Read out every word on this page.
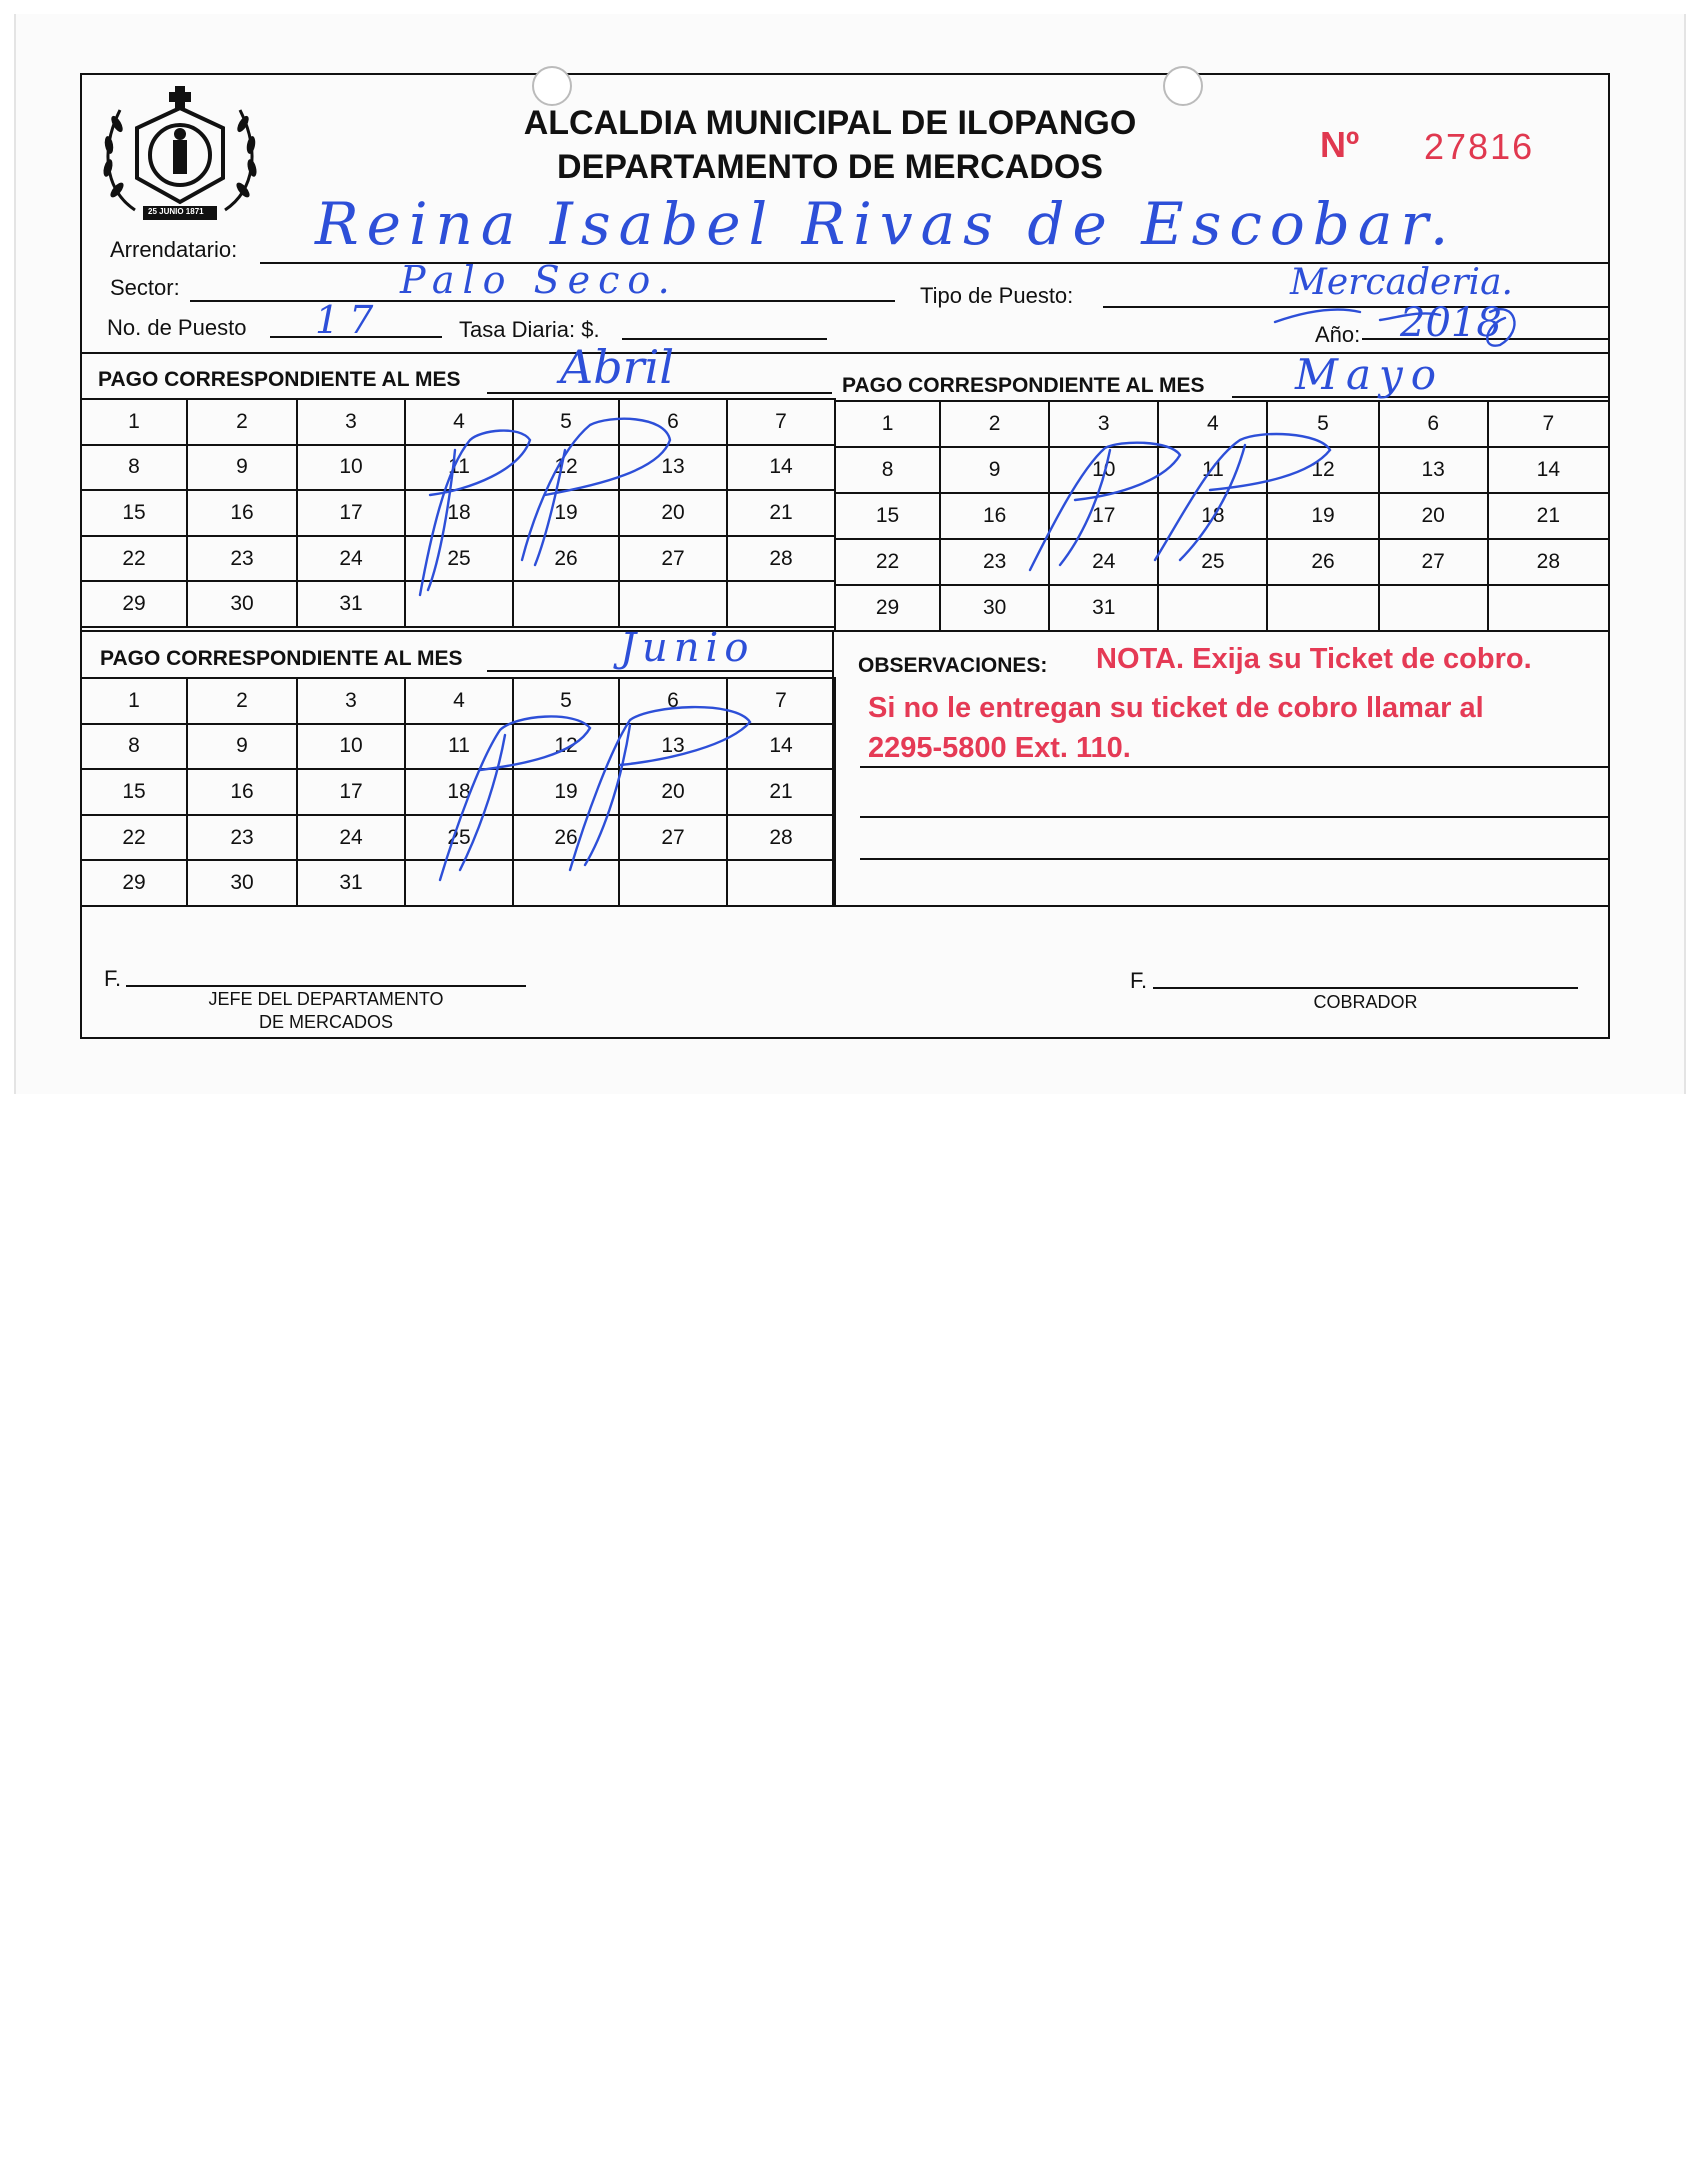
25 JUNIO 1871
ALCALDIA MUNICIPAL DE ILOPANGO
DEPARTAMENTO DE MERCADOS
Nº 27816
Arrendatario: Reina Isabel Rivas de Escobar.
Sector:	Palo Seco.	Tipo de Puesto:	Mercaderia.
No. de Puesto 17	Tasa Diaria: $.	Año: 2018
PAGO CORRESPONDIENTE AL MES Abril	PAGO CORRESPONDIENTE AL MES Mayo
1	2	3	4	5	6	7
8	9	10	11	12	13	14
15	16	17	18	19	20	21
22	23	24	25	26	27	28
29	30	31				
1	2	3	4	5	6	7
8	9	10	11	12	13	14
15	16	17	18	19	20	21
22	23	24	25	26	27	28
29	30	31				
PAGO CORRESPONDIENTE AL MES	Junio
1	2	3	4	5	6	7
8	9	10	11	12	13	14
15	16	17	18	19	20	21
22	23	24	25	26	27	28
29	30	31				
OBSERVACIONES: NOTA. Exija su Ticket de cobro.
Si no le entregan su ticket de cobro llamar al
2295-5800 Ext. 110.
F.
JEFE DEL DEPARTAMENTO
DE MERCADOS
F.
COBRADOR
